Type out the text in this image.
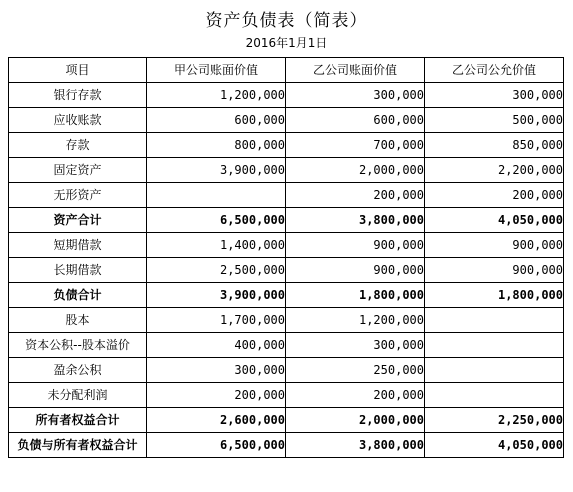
资产负债表（简表）
2016年1月1日
项目	甲公司账面价值	乙公司账面价值	乙公司公允价值
银行存款	1,200,000	300,000	300,000
应收账款	600,000	600,000	500,000
存款	800,000	700,000	850,000
固定资产	3,900,000	2,000,000	2,200,000
无形资产		200,000	200,000
资产合计	6,500,000	3,800,000	4,050,000
短期借款	1,400,000	900,000	900,000
长期借款	2,500,000	900,000	900,000
负债合计	3,900,000	1,800,000	1,800,000
股本	1,700,000	1,200,000	
资本公积--股本溢价	400,000	300,000	
盈余公积	300,000	250,000	
未分配利润	200,000	200,000	
所有者权益合计	2,600,000	2,000,000	2,250,000
负债与所有者权益合计	6,500,000	3,800,000	4,050,000
